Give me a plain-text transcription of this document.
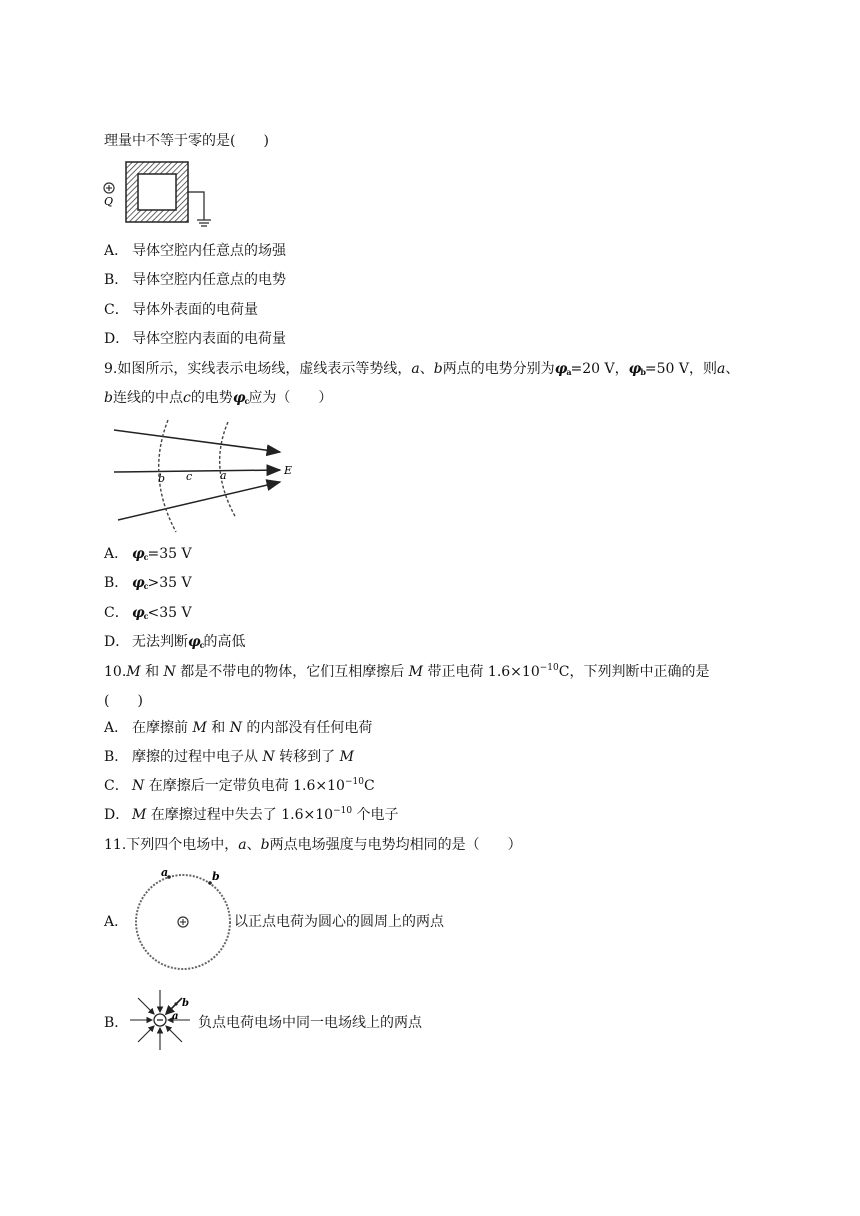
理量中不等于零的是(　　)
Q
A． 导体空腔内任意点的场强
B． 导体空腔内任意点的电势
C． 导体外表面的电荷量
D． 导体空腔内表面的电荷量
9.如图所示，实线表示电场线，虚线表示等势线，a、b两点的电势分别为$\varphi_a=20$ V，$\varphi_b=50$ V，则a、
b连线的中点c的电势$\varphi_c$应为（　　）
b c	a	E
A． $\varphi_c=35$ V
B． $\varphi_c>35$ V
C． $\varphi_c<35$ V
D． 无法判断$\varphi_c$的高低
10.M 和 N 都是不带电的物体，它们互相摩擦后 M 带正电荷 $1.6\times 10^{-10}C$，下列判断中正确的是
(　　)
A． 在摩擦前 M 和 N 的内部没有任何电荷
B． 摩擦的过程中电子从 N 转移到了 M
C． N 在摩擦后一定带负电荷 $1.6\times 10^{-10}C$
D． M 在摩擦过程中失去了 $1.6\times 10^{-10}$ 个电子
11.下列四个电场中，a、b两点电场强度与电势均相同的是（　　）
A．
a	b
以正点电荷为圆心的圆周上的两点
B．
b
a 负点电荷电场中同一电场线上的两点
